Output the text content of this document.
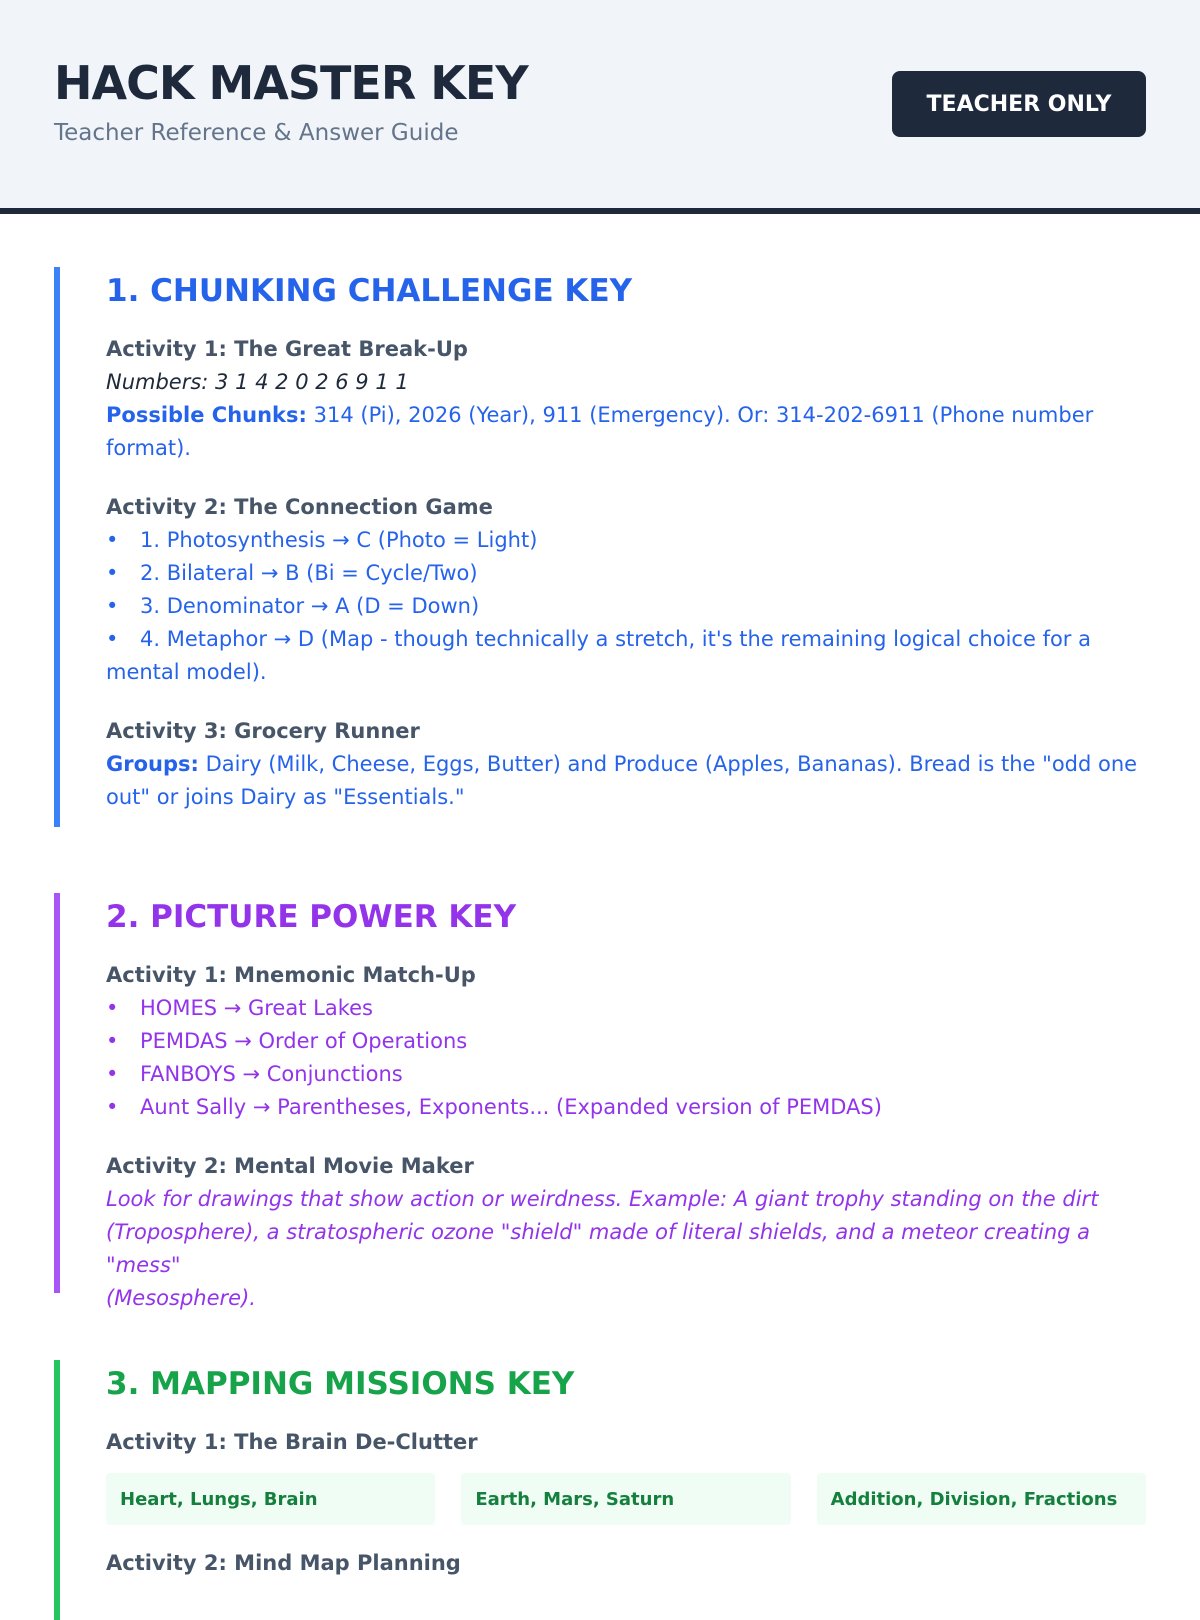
HACK MASTER KEY
Teacher Reference & Answer Guide
TEACHER ONLY
1. CHUNKING CHALLENGE KEY
Activity 1: The Great Break-Up
Numbers: 3 1 4 2 0 2 6 9 1 1
Possible Chunks: 314 (Pi), 2026 (Year), 911 (Emergency). Or: 314-202-6911 (Phone number
format).
Activity 2: The Connection Game
• 1. Photosynthesis → C (Photo = Light)
• 2. Bilateral → B (Bi = Cycle/Two)
• 3. Denominator → A (D = Down)
• 4. Metaphor → D (Map - though technically a stretch, it's the remaining logical choice for a
mental model).
Activity 3: Grocery Runner
Groups: Dairy (Milk, Cheese, Eggs, Butter) and Produce (Apples, Bananas). Bread is the "odd one
out" or joins Dairy as "Essentials."
2. PICTURE POWER KEY
Activity 1: Mnemonic Match-Up
• HOMES → Great Lakes
• PEMDAS → Order of Operations
• FANBOYS → Conjunctions
• Aunt Sally → Parentheses, Exponents... (Expanded version of PEMDAS)
Activity 2: Mental Movie Maker
Look for drawings that show action or weirdness. Example: A giant trophy standing on the dirt
(Troposphere), a stratospheric ozone "shield" made of literal shields, and a meteor creating a "mess"
(Mesosphere).
3. MAPPING MISSIONS KEY
Activity 1: The Brain De-Clutter
Heart, Lungs, Brain	Earth, Mars, Saturn	Addition, Division, Fractions
Activity 2: Mind Map Planning
